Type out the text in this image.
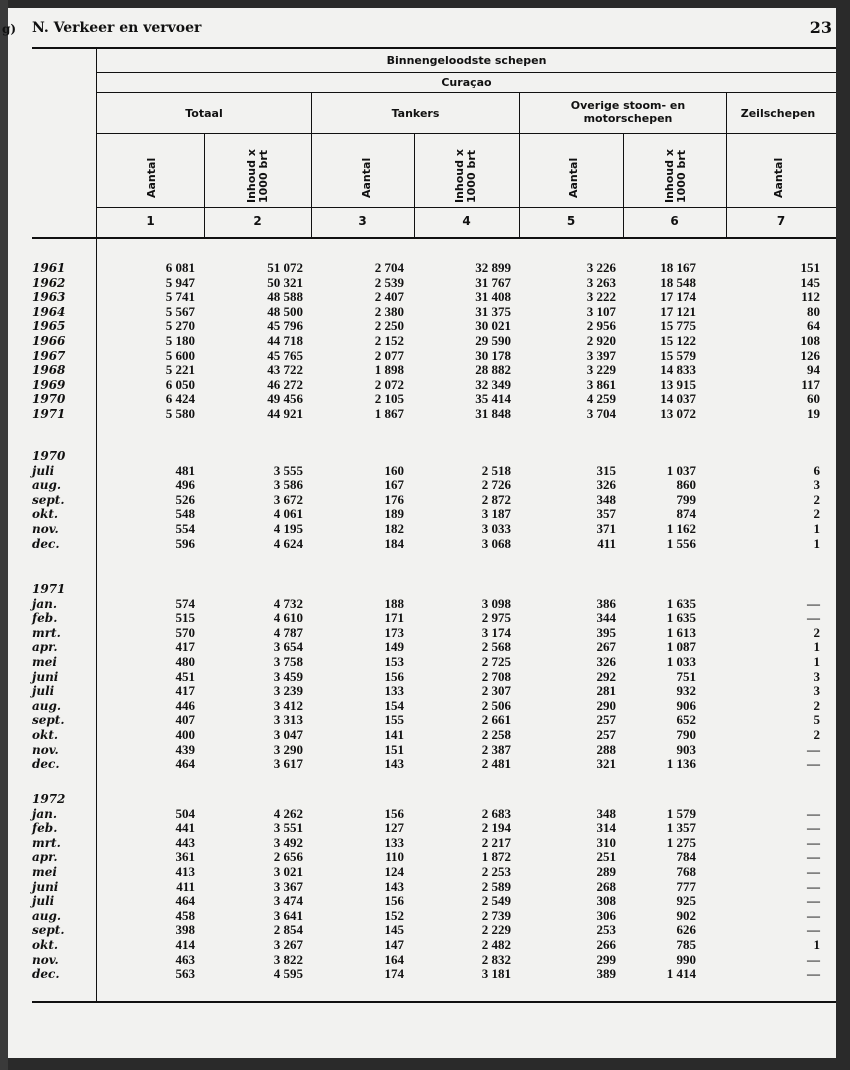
g) N. Verkeer en vervoer	23
Binnengeloodste schepen
Curaçao
Totaal	Tankers
Overige stoom- en motorschepen	Zeilschepen
Aantal	Inhoud x 1000 brt	Aantal	Inhoud x 1000 brt	Aantal	Inhoud x 1000 brt	Aantal
1	2	3	4	5	6	7
1961	6 081	51 072	2 704	32 899	3 226	18 167	151
1962	5 947	50 321	2 539	31 767	3 263	18 548	145
1963	5 741	48 588	2 407	31 408	3 222	17 174	112
1964	5 567	48 500	2 380	31 375	3 107	17 121	80
1965	5 270	45 796	2 250	30 021	2 956	15 775	64
1966	5 180	44 718	2 152	29 590	2 920	15 122	108
1967	5 600	45 765	2 077	30 178	3 397	15 579	126
1968	5 221	43 722	1 898	28 882	3 229	14 833	94
1969	6 050	46 272	2 072	32 349	3 861	13 915	117
1970	6 424	49 456	2 105	35 414	4 259	14 037	60
1971	5 580	44 921	1 867	31 848	3 704	13 072	19
1970
juli	481	3 555	160	2 518	315	1 037	6
aug.	496	3 586	167	2 726	326	860	3
sept.	526	3 672	176	2 872	348	799	2
okt.	548	4 061	189	3 187	357	874	2
nov.	554	4 195	182	3 033	371	1 162	1
dec.	596	4 624	184	3 068	411	1 556	1
1971
jan.	574	4 732	188	3 098	386	1 635	—
feb.	515	4 610	171	2 975	344	1 635	—
mrt.	570	4 787	173	3 174	395	1 613	2
apr.	417	3 654	149	2 568	267	1 087	1
mei	480	3 758	153	2 725	326	1 033	1
juni	451	3 459	156	2 708	292	751	3
juli	417	3 239	133	2 307	281	932	3
aug.	446	3 412	154	2 506	290	906	2
sept.	407	3 313	155	2 661	257	652	5
okt.	400	3 047	141	2 258	257	790	2
nov.	439	3 290	151	2 387	288	903	—
dec.	464	3 617	143	2 481	321	1 136	—
1972
jan.	504	4 262	156	2 683	348	1 579	—
feb.	441	3 551	127	2 194	314	1 357	—
mrt.	443	3 492	133	2 217	310	1 275	—
apr.	361	2 656	110	1 872	251	784	—
mei	413	3 021	124	2 253	289	768	—
juni	411	3 367	143	2 589	268	777	—
juli	464	3 474	156	2 549	308	925	—
aug.	458	3 641	152	2 739	306	902	—
sept.	398	2 854	145	2 229	253	626	—
okt.	414	3 267	147	2 482	266	785	1
nov.	463	3 822	164	2 832	299	990	—
dec.	563	4 595	174	3 181	389	1 414	—
